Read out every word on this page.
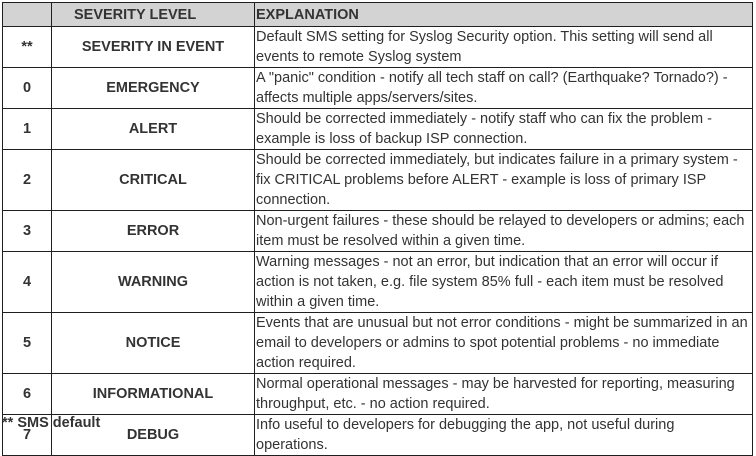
	SEVERITY LEVEL	EXPLANATION
**	SEVERITY IN EVENT	Default SMS setting for Syslog Security option. This setting will send all events to remote Syslog system
0	EMERGENCY	A "panic" condition - notify all tech staff on call? (Earthquake? Tornado?) - affects multiple apps/servers/sites.
1	ALERT	Should be corrected immediately - notify staff who can fix the problem - example is loss of backup ISP connection.
2	CRITICAL	Should be corrected immediately, but indicates failure in a primary system - fix CRITICAL problems before ALERT - example is loss of primary ISP connection.
3	ERROR	Non-urgent failures - these should be relayed to developers or admins; each item must be resolved within a given time.
4	WARNING	Warning messages - not an error, but indication that an error will occur if action is not taken, e.g. file system 85% full - each item must be resolved within a given time.
5	NOTICE	Events that are unusual but not error conditions - might be summarized in an email to developers or admins to spot potential problems - no immediate action required.
6	INFORMATIONAL	Normal operational messages - may be harvested for reporting, measuring throughput, etc. - no action required.
7	DEBUG	Info useful to developers for debugging the app, not useful during operations.
** SMS default
